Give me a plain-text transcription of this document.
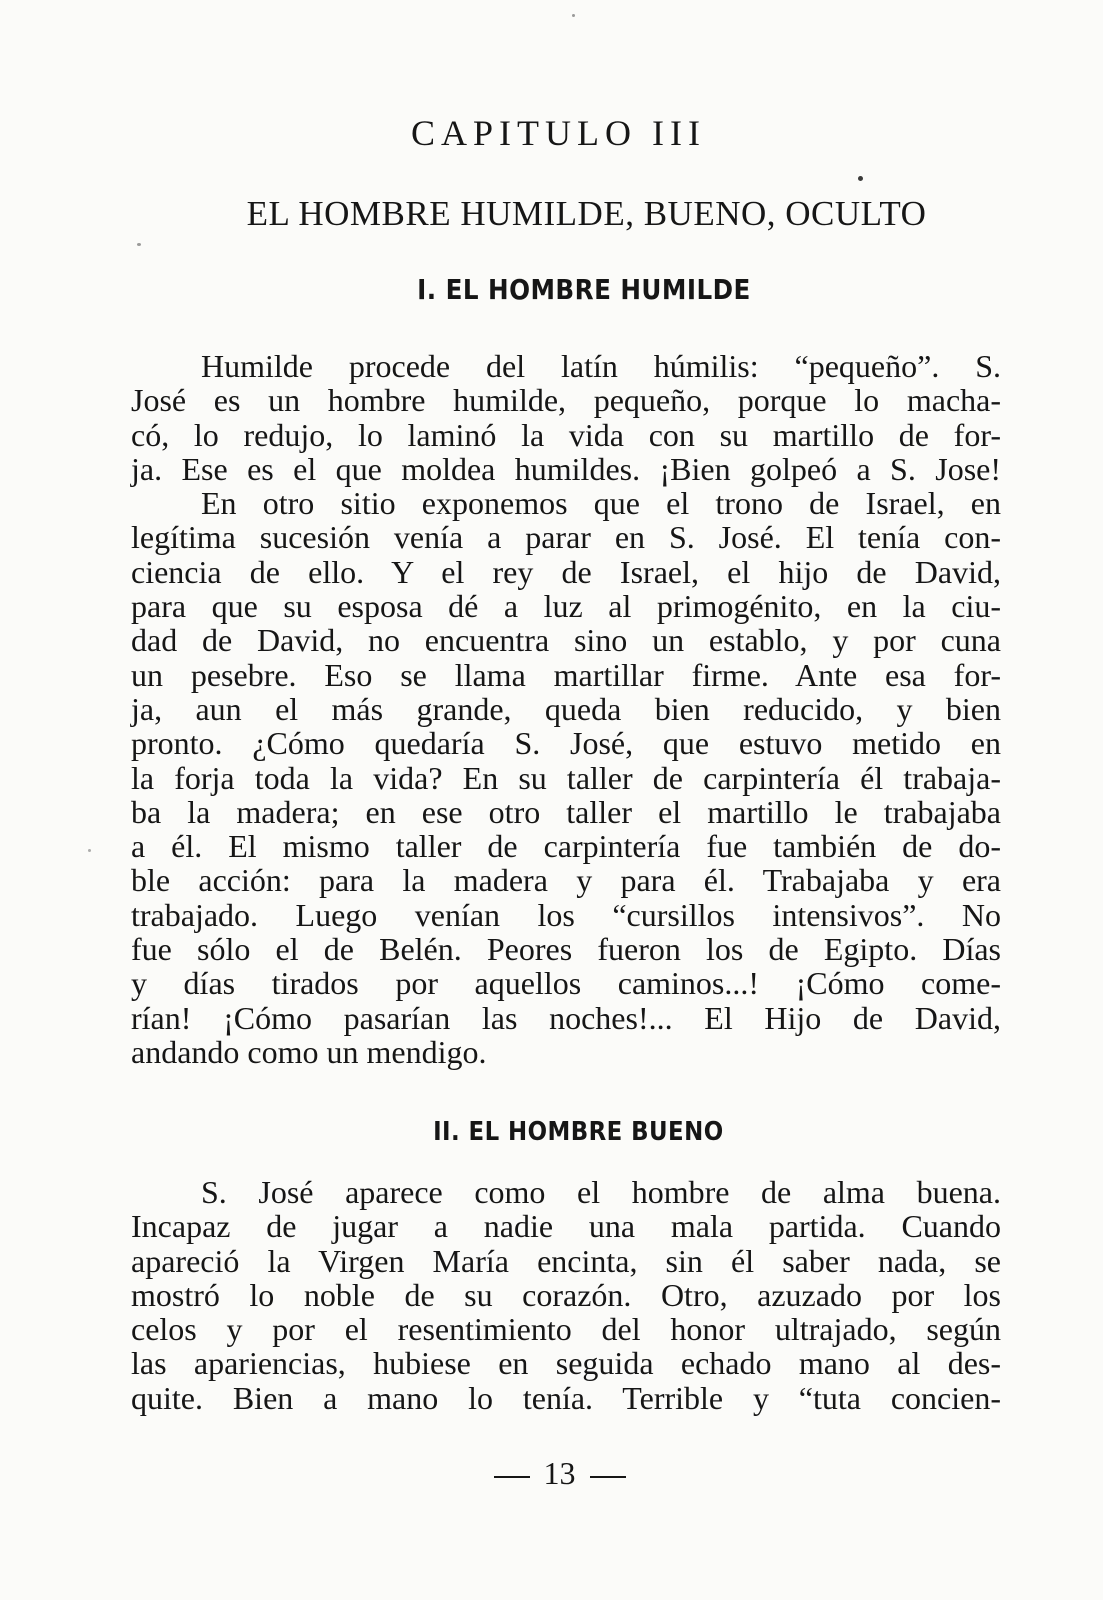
CAPITULO III
EL HOMBRE HUMILDE, BUENO, OCULTO
I. EL HOMBRE HUMILDE

Humilde procede del latín húmilis: “pequeño”. S.
José es un hombre humilde, pequeño, porque lo macha-
có, lo redujo, lo laminó la vida con su martillo de for-
ja. Ese es el que moldea humildes. ¡Bien golpeó a S. Jose!
En otro sitio exponemos que el trono de Israel, en
legítima sucesión venía a parar en S. José. El tenía con-
ciencia de ello. Y el rey de Israel, el hijo de David,
para que su esposa dé a luz al primogénito, en la ciu-
dad de David, no encuentra sino un establo, y por cuna
un pesebre. Eso se llama martillar firme. Ante esa for-
ja, aun el más grande, queda bien reducido, y bien
pronto. ¿Cómo quedaría S. José, que estuvo metido en
la forja toda la vida? En su taller de carpintería él trabaja-
ba la madera; en ese otro taller el martillo le trabajaba
a él. El mismo taller de carpintería fue también de do-
ble acción: para la madera y para él. Trabajaba y era
trabajado. Luego venían los “cursillos intensivos”. No
fue sólo el de Belén. Peores fueron los de Egipto. Días
y días tirados por aquellos caminos...! ¡Cómo come-
rían! ¡Cómo pasarían las noches!... El Hijo de David,
andando como un mendigo.

II. EL HOMBRE BUENO

S. José aparece como el hombre de alma buena.
Incapaz de jugar a nadie una mala partida. Cuando
apareció la Virgen María encinta, sin él saber nada, se
mostró lo noble de su corazón. Otro, azuzado por los
celos y por el resentimiento del honor ultrajado, según
las apariencias, hubiese en seguida echado mano al des-
quite. Bien a mano lo tenía. Terrible y “tuta concien-

13
